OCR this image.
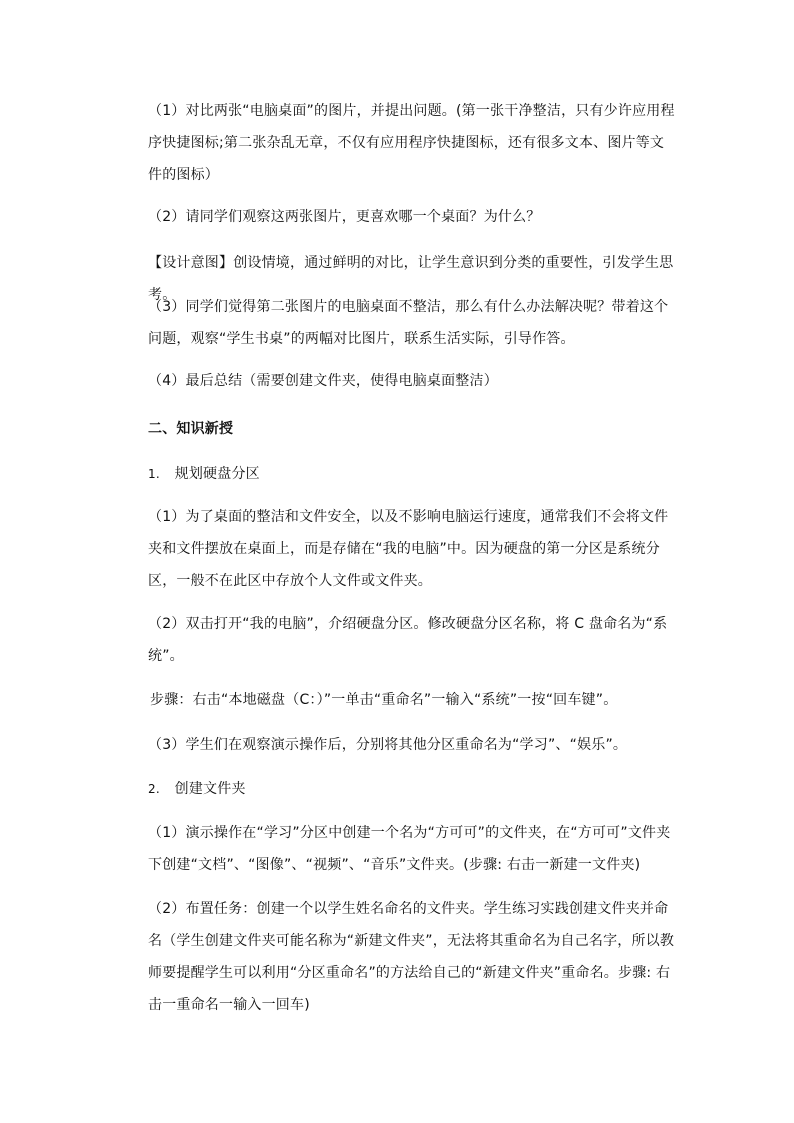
（1）对比两张“电脑桌面”的图片，并提出问题。(第一张干净整洁，只有少许应用程序快捷图标;第二张杂乱无章，不仅有应用程序快捷图标，还有很多文本、图片等文件的图标）
（2）请同学们观察这两张图片，更喜欢哪一个桌面？为什么？
【设计意图】创设情境，通过鲜明的对比，让学生意识到分类的重要性，引发学生思考。
（3）同学们觉得第二张图片的电脑桌面不整洁，那么有什么办法解决呢？带着这个问题，观察“学生书桌”的两幅对比图片，联系生活实际，引导作答。
（4）最后总结（需要创建文件夹，使得电脑桌面整洁）
二、知识新授
1. 规划硬盘分区
（1）为了桌面的整洁和文件安全，以及不影响电脑运行速度，通常我们不会将文件夹和文件摆放在桌面上，而是存储在“我的电脑”中。因为硬盘的第一分区是系统分区，一般不在此区中存放个人文件或文件夹。
（2）双击打开“我的电脑”，介绍硬盘分区。修改硬盘分区名称，将 C 盘命名为“系统”。
步骤：右击“本地磁盘（C：）”一单击“重命名”一输入“系统”一按“回车键”。
（3）学生们在观察演示操作后，分别将其他分区重命名为“学习”、“娱乐”。
2. 创建文件夹
（1）演示操作在“学习”分区中创建一个名为“方可可”的文件夹，在“方可可”文件夹下创建“文档”、“图像”、“视频”、“音乐”文件夹。(步骤: 右击一新建一文件夹)
（2）布置任务：创建一个以学生姓名命名的文件夹。学生练习实践创建文件夹并命名（学生创建文件夹可能名称为“新建文件夹”，无法将其重命名为自己名字，所以教师要提醒学生可以利用“分区重命名”的方法给自己的“新建文件夹”重命名。步骤: 右击一重命名一输入一回车)
